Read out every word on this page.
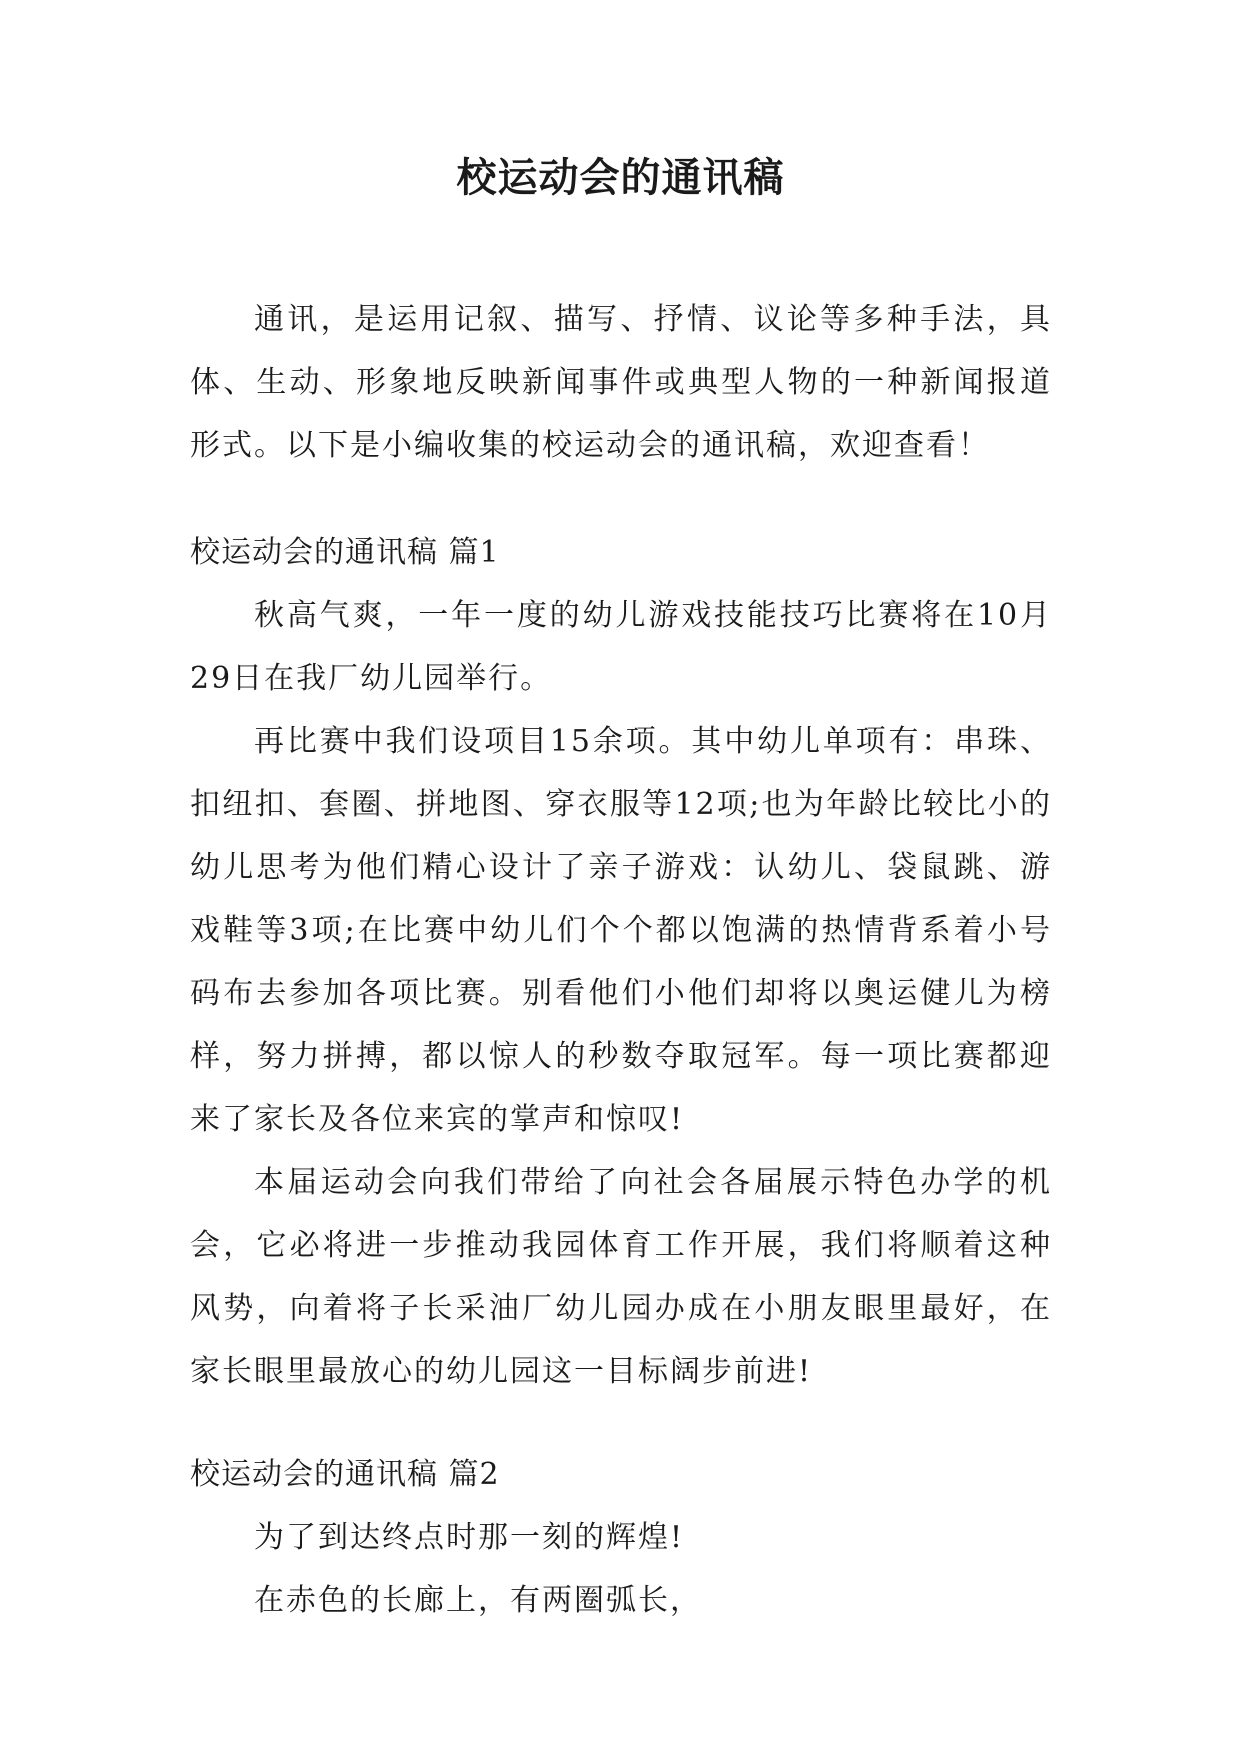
校运动会的通讯稿

通讯，是运用记叙、描写、抒情、议论等多种手法，具体、生动、形象地反映新闻事件或典型人物的一种新闻报道形式。以下是小编收集的校运动会的通讯稿，欢迎查看！

校运动会的通讯稿 篇1

秋高气爽，一年一度的幼儿游戏技能技巧比赛将在10月29日在我厂幼儿园举行。

再比赛中我们设项目15余项。其中幼儿单项有：串珠、扣纽扣、套圈、拼地图、穿衣服等12项;也为年龄比较比小的幼儿思考为他们精心设计了亲子游戏：认幼儿、袋鼠跳、游戏鞋等3项;在比赛中幼儿们个个都以饱满的热情背系着小号码布去参加各项比赛。别看他们小他们却将以奥运健儿为榜样，努力拼搏，都以惊人的秒数夺取冠军。每一项比赛都迎来了家长及各位来宾的掌声和惊叹!

本届运动会向我们带给了向社会各届展示特色办学的机会，它必将进一步推动我园体育工作开展，我们将顺着这种风势，向着将子长采油厂幼儿园办成在小朋友眼里最好，在家长眼里最放心的幼儿园这一目标阔步前进!

校运动会的通讯稿 篇2

为了到达终点时那一刻的辉煌!

在赤色的长廊上，有两圈弧长，
